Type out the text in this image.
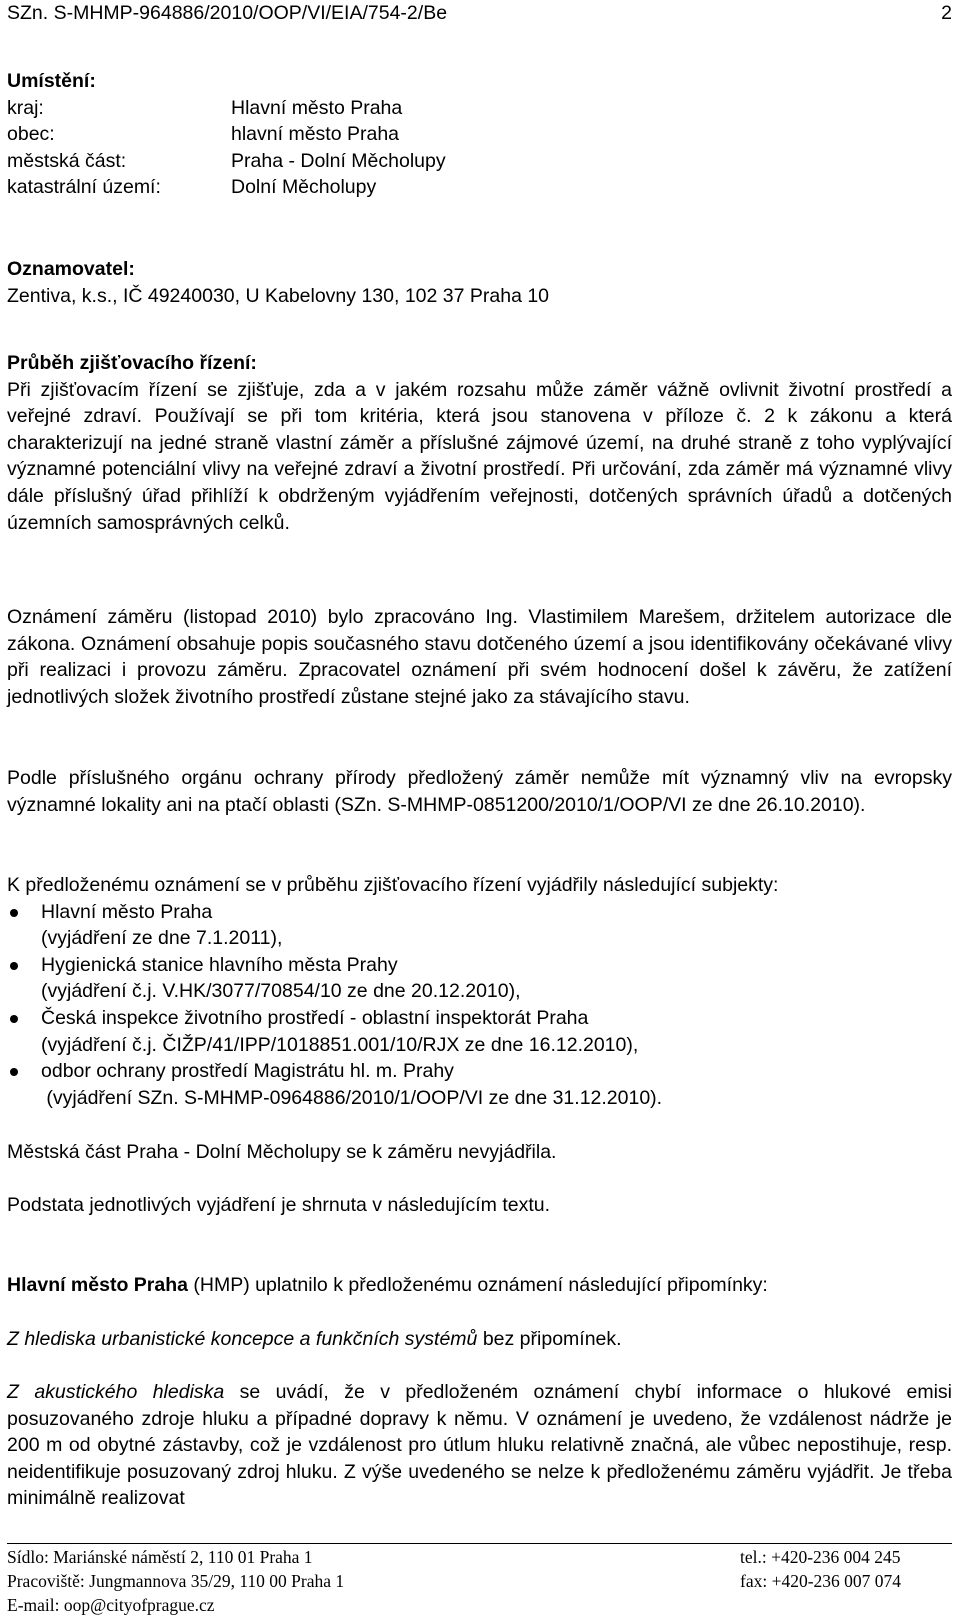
SZn. S-MHMP-964886/2010/OOP/VI/EIA/754-2/Be	2
Umístění:
kraj:	Hlavní město Praha
obec:	hlavní město Praha
městská část:	Praha - Dolní Měcholupy
katastrální území:	Dolní Měcholupy
Oznamovatel:
Zentiva, k.s., IČ 49240030, U Kabelovny 130, 102 37 Praha 10
Průběh zjišťovacího řízení:
Při zjišťovacím řízení se zjišťuje, zda a v jakém rozsahu může záměr vážně ovlivnit životní prostředí a veřejné zdraví. Používají se při tom kritéria, která jsou stanovena v příloze č. 2 k zákonu a která charakterizují na jedné straně vlastní záměr a příslušné zájmové území, na druhé straně z toho vyplývající významné potenciální vlivy na veřejné zdraví a životní prostředí. Při určování, zda záměr má významné vlivy dále příslušný úřad přihlíží k obdrženým vyjádřením veřejnosti, dotčených správních úřadů a dotčených územních samosprávných celků.
Oznámení záměru (listopad 2010) bylo zpracováno Ing. Vlastimilem Marešem, držitelem autorizace dle zákona. Oznámení obsahuje popis současného stavu dotčeného území a jsou identifikovány očekávané vlivy při realizaci i provozu záměru. Zpracovatel oznámení při svém hodnocení došel k závěru, že zatížení jednotlivých složek životního prostředí zůstane stejné jako za stávajícího stavu.
Podle příslušného orgánu ochrany přírody předložený záměr nemůže mít významný vliv na evropsky významné lokality ani na ptačí oblasti (SZn. S-MHMP-0851200/2010/1/OOP/VI ze dne 26.10.2010).
K předloženému oznámení se v průběhu zjišťovacího řízení vyjádřily následující subjekty:
Hlavní město Praha
(vyjádření ze dne 7.1.2011),
Hygienická stanice hlavního města Prahy
(vyjádření č.j. V.HK/3077/70854/10 ze dne 20.12.2010),
Česká inspekce životního prostředí - oblastní inspektorát Praha
(vyjádření č.j. ČIŽP/41/IPP/1018851.001/10/RJX ze dne 16.12.2010),
odbor ochrany prostředí Magistrátu hl. m. Prahy
(vyjádření SZn. S-MHMP-0964886/2010/1/OOP/VI ze dne 31.12.2010).
Městská část Praha - Dolní Měcholupy se k záměru nevyjádřila.
Podstata jednotlivých vyjádření je shrnuta v následujícím textu.
Hlavní město Praha (HMP) uplatnilo k předloženému oznámení následující připomínky:
Z hlediska urbanistické koncepce a funkčních systémů bez připomínek.
Z akustického hlediska se uvádí, že v předloženém oznámení chybí informace o hlukové emisi posuzovaného zdroje hluku a případné dopravy k němu. V oznámení je uvedeno, že vzdálenost nádrže je 200 m od obytné zástavby, což je vzdálenost pro útlum hluku relativně značná, ale vůbec nepostihuje, resp. neidentifikuje posuzovaný zdroj hluku. Z výše uvedeného se nelze k předloženému záměru vyjádřit. Je třeba minimálně realizovat
Sídlo: Mariánské náměstí 2, 110 01 Praha 1	tel.: +420-236 004 245
Pracoviště: Jungmannova 35/29, 110 00 Praha 1	fax: +420-236 007 074
E-mail: oop@cityofprague.cz
